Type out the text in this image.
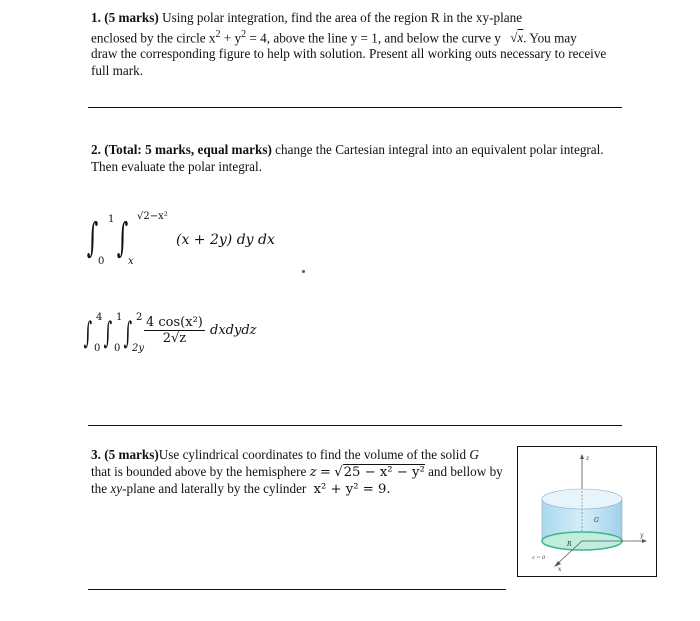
1. (5 marks) Using polar integration, find the area of the region R in the xy-plane
enclosed by the circle $x^2 + y^2 = 4$, above the line y = 1, and below the curve y √x. You may
draw the corresponding figure to help with solution. Present all working outs necessary to receive
full mark.
2. (Total: 5 marks, equal marks) change the Cartesian integral into an equivalent polar integral.
Then evaluate the polar integral.
∫ 1
0
∫ √2−x²
x
(x + 2y) dy dx
∫ 4
0 ∫ 1
0 ∫ 2
2y
$\frac{\text{4 cos(x²)}}{2√z}$ dxdydz
3. (5 marks)Use cylindrical coordinates to find the volume of the solid G
that is bounded above by the hemisphere z = √25 − x² − y² and bellow by
the xy-plane and laterally by the cylinder x² + y² = 9.
z
y
x
G
R
z = 0
